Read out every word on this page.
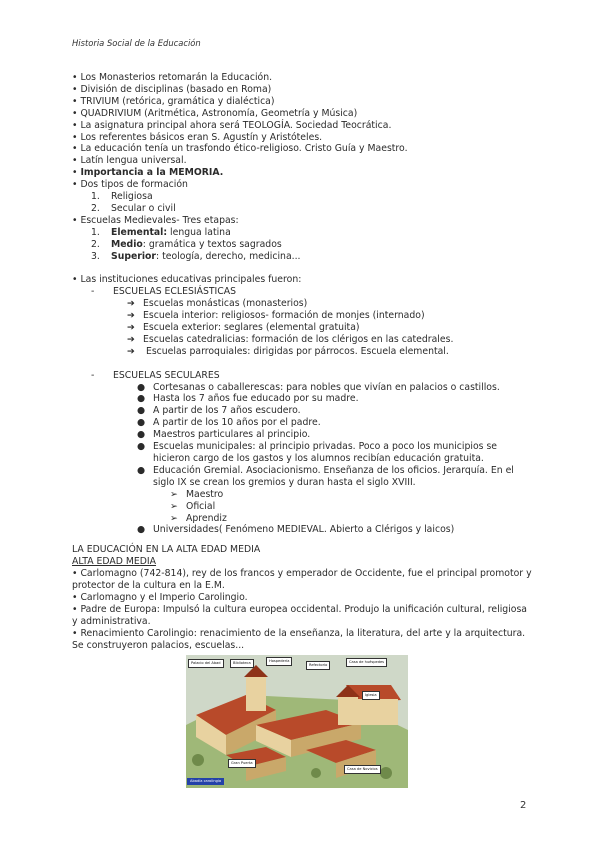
Historia Social de la Educación
• Los Monasterios retomarán la Educación.
• División de disciplinas (basado en Roma)
• TRIVIUM (retórica, gramática y dialéctica)
• QUADRIVIUM (Aritmética, Astronomía, Geometría y Música)
• La asignatura principal ahora será TEOLOGÍA. Sociedad Teocrática.
• Los referentes básicos eran S. Agustín y Aristóteles.
• La educación tenía un trasfondo ético-religioso. Cristo Guía y Maestro.
• Latín lengua universal.
• Importancia a la MEMORIA.
• Dos tipos de formación
1. Religiosa
2. Secular o civil
• Escuelas Medievales- Tres etapas:
1. Elemental: lengua latina
2. Medio: gramática y textos sagrados
3. Superior: teología, derecho, medicina...
• Las instituciones educativas principales fueron:
- ESCUELAS ECLESIÁSTICAS
➔ Escuelas monásticas (monasterios)
➔ Escuela interior: religiosos- formación de monjes (internado)
➔ Escuela exterior: seglares (elemental gratuita)
➔ Escuelas catedralicias: formación de los clérigos en las catedrales.
➔ Escuelas parroquiales: dirigidas por párrocos. Escuela elemental.
- ESCUELAS SECULARES
● Cortesanas o caballerescas: para nobles que vivían en palacios o castillos.
● Hasta los 7 años fue educado por su madre.
● A partir de los 7 años escudero.
● A partir de los 10 años por el padre.
● Maestros particulares al principio.
● Escuelas municipales: al principio privadas. Poco a poco los municipios se hicieron cargo de los gastos y los alumnos recibían educación gratuita.
● Educación Gremial. Asociacionismo. Enseñanza de los oficios. Jerarquía. En el siglo IX se crean los gremios y duran hasta el siglo XVIII.
➢ Maestro
➢ Oficial
➢ Aprendiz
● Universidades( Fenómeno MEDIEVAL. Abierto a Clérigos y laicos)
LA EDUCACIÓN EN LA ALTA EDAD MEDIA
ALTA EDAD MEDIA
• Carlomagno (742-814), rey de los francos y emperador de Occidente, fue el principal promotor y protector de la cultura en la E.M.
• Carlomagno y el Imperio Carolingio.
• Padre de Europa: Impulsó la cultura europea occidental. Produjo la unificación cultural, religiosa y administrativa.
• Renacimiento Carolingio: renacimiento de la enseñanza, la literatura, del arte y la arquitectura. Se construyeron palacios, escuelas...
Palacio del Abad	Biblioteca	Hospedería
Refectorio
Casa de huéspedes
Iglesia
Gran Puerta
Casa de Novicios
Abadía carolingia
2
